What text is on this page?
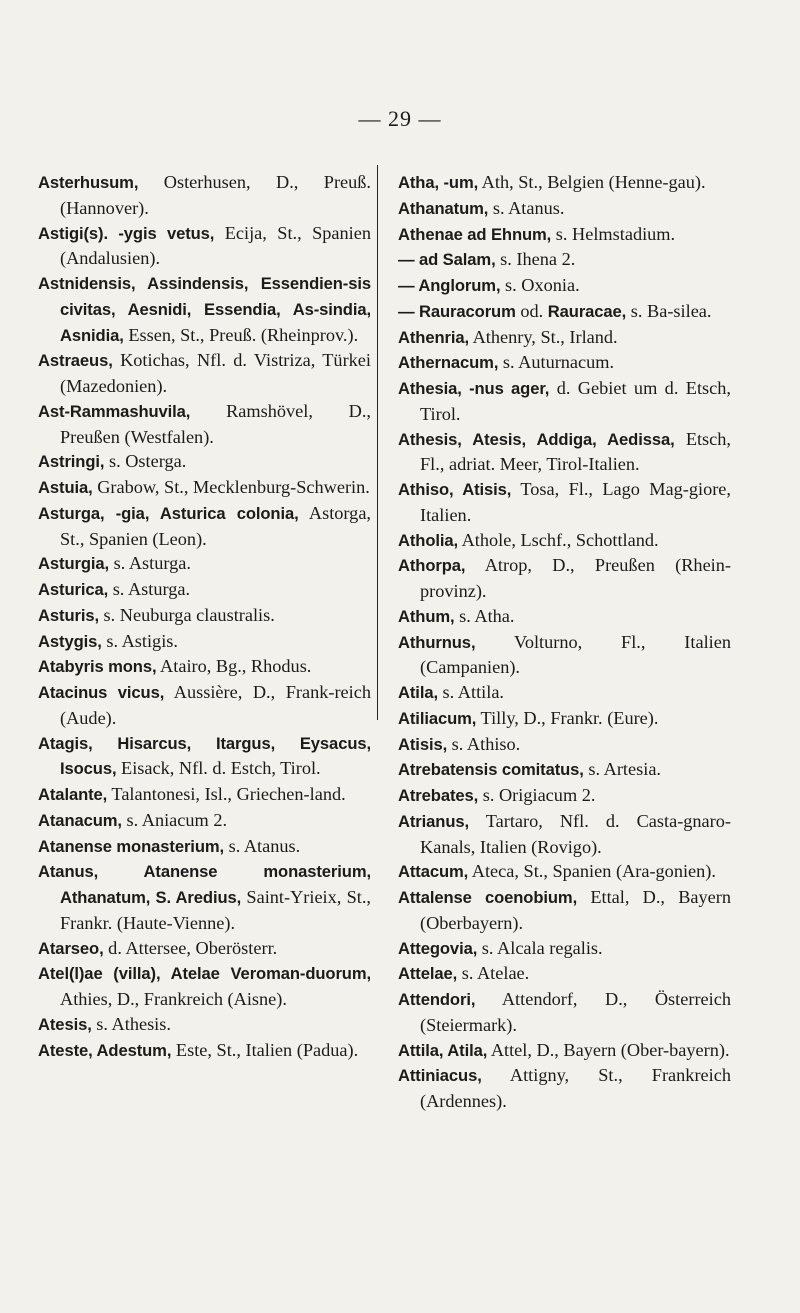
— 29 —

Asterhusum, Osterhusen, D., Preuß. (Hannover).

Astigi(s). -ygis vetus, Ecija, St., Spanien (Andalusien).

Astnidensis, Assindensis, Essendien-sis civitas, Aesnidi, Essendia, As-sindia, Asnidia, Essen, St., Preuß. (Rheinprov.).

Astraeus, Kotichas, Nfl. d. Vistriza, Türkei (Mazedonien).

Ast-Rammashuvila, Ramshövel, D., Preußen (Westfalen).

Astringi, s. Osterga.

Astuia, Grabow, St., Mecklenburg-Schwerin.

Asturga, -gia, Asturica colonia, Astorga, St., Spanien (Leon).

Asturgia, s. Asturga.

Asturica, s. Asturga.

Asturis, s. Neuburga claustralis.

Astygis, s. Astigis.

Atabyris mons, Atairo, Bg., Rhodus.

Atacinus vicus, Aussière, D., Frank-reich (Aude).

Atagis, Hisarcus, Itargus, Eysacus, Isocus, Eisack, Nfl. d. Estch, Tirol.

Atalante, Talantonesi, Isl., Griechen-land.

Atanacum, s. Aniacum 2.

Atanense monasterium, s. Atanus.

Atanus, Atanense monasterium, Athanatum, S. Aredius, Saint-Yrieix, St., Frankr. (Haute-Vienne).

Atarseo, d. Attersee, Oberösterr.

Atel(l)ae (villa), Atelae Veroman-duorum, Athies, D., Frankreich (Aisne).

Atesis, s. Athesis.

Ateste, Adestum, Este, St., Italien (Padua).

Atha, -um, Ath, St., Belgien (Henne-gau).

Athanatum, s. Atanus.

Athenae ad Ehnum, s. Helmstadium.

— ad Salam, s. Ihena 2.

— Anglorum, s. Oxonia.

— Rauracorum od. Rauracae, s. Ba-silea.

Athenria, Athenry, St., Irland.

Athernacum, s. Auturnacum.

Athesia, -nus ager, d. Gebiet um d. Etsch, Tirol.

Athesis, Atesis, Addiga, Aedissa, Etsch, Fl., adriat. Meer, Tirol-Italien.

Athiso, Atisis, Tosa, Fl., Lago Mag-giore, Italien.

Atholia, Athole, Lschf., Schottland.

Athorpa, Atrop, D., Preußen (Rhein-provinz).

Athum, s. Atha.

Athurnus, Volturno, Fl., Italien (Campanien).

Atila, s. Attila.

Atiliacum, Tilly, D., Frankr. (Eure).

Atisis, s. Athiso.

Atrebatensis comitatus, s. Artesia.

Atrebates, s. Origiacum 2.

Atrianus, Tartaro, Nfl. d. Casta-gnaro-Kanals, Italien (Rovigo).

Attacum, Ateca, St., Spanien (Ara-gonien).

Attalense coenobium, Ettal, D., Bayern (Oberbayern).

Attegovia, s. Alcala regalis.

Attelae, s. Atelae.

Attendori, Attendorf, D., Österreich (Steiermark).

Attila, Atila, Attel, D., Bayern (Ober-bayern).

Attiniacus, Attigny, St., Frankreich (Ardennes).
